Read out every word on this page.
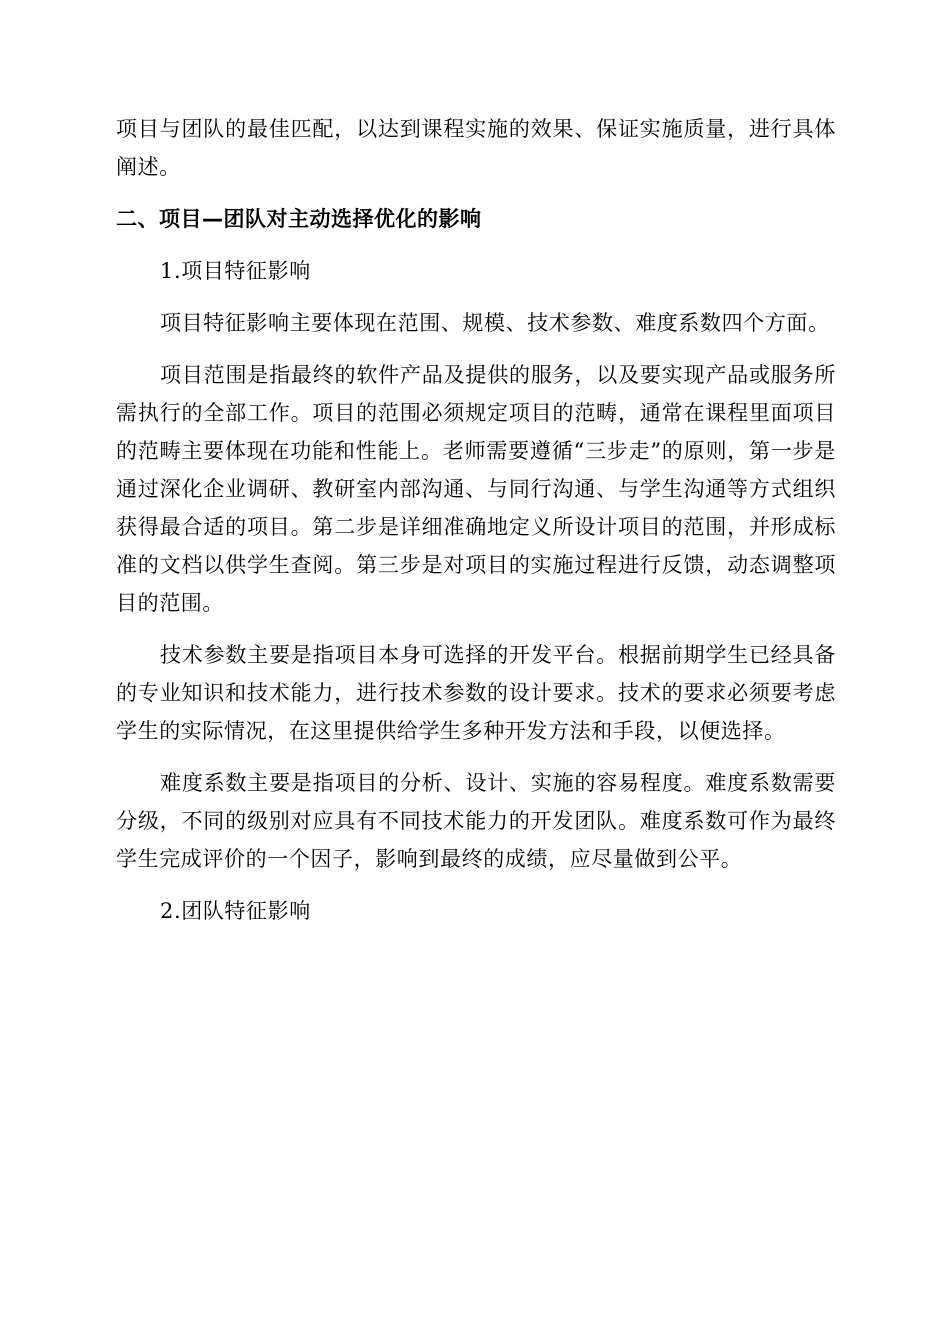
项目与团队的最佳匹配，以达到课程实施的效果、保证实施质量，进行具体阐述。

二、项目—团队对主动选择优化的影响

1.项目特征影响

项目特征影响主要体现在范围、规模、技术参数、难度系数四个方面。

项目范围是指最终的软件产品及提供的服务，以及要实现产品或服务所需执行的全部工作。项目的范围必须规定项目的范畴，通常在课程里面项目的范畴主要体现在功能和性能上。老师需要遵循“三步走”的原则，第一步是通过深化企业调研、教研室内部沟通、与同行沟通、与学生沟通等方式组织获得最合适的项目。第二步是详细准确地定义所设计项目的范围，并形成标准的文档以供学生查阅。第三步是对项目的实施过程进行反馈，动态调整项目的范围。

技术参数主要是指项目本身可选择的开发平台。根据前期学生已经具备的专业知识和技术能力，进行技术参数的设计要求。技术的要求必须要考虑学生的实际情况，在这里提供给学生多种开发方法和手段，以便选择。

难度系数主要是指项目的分析、设计、实施的容易程度。难度系数需要分级，不同的级别对应具有不同技术能力的开发团队。难度系数可作为最终学生完成评价的一个因子，影响到最终的成绩，应尽量做到公平。

2.团队特征影响
